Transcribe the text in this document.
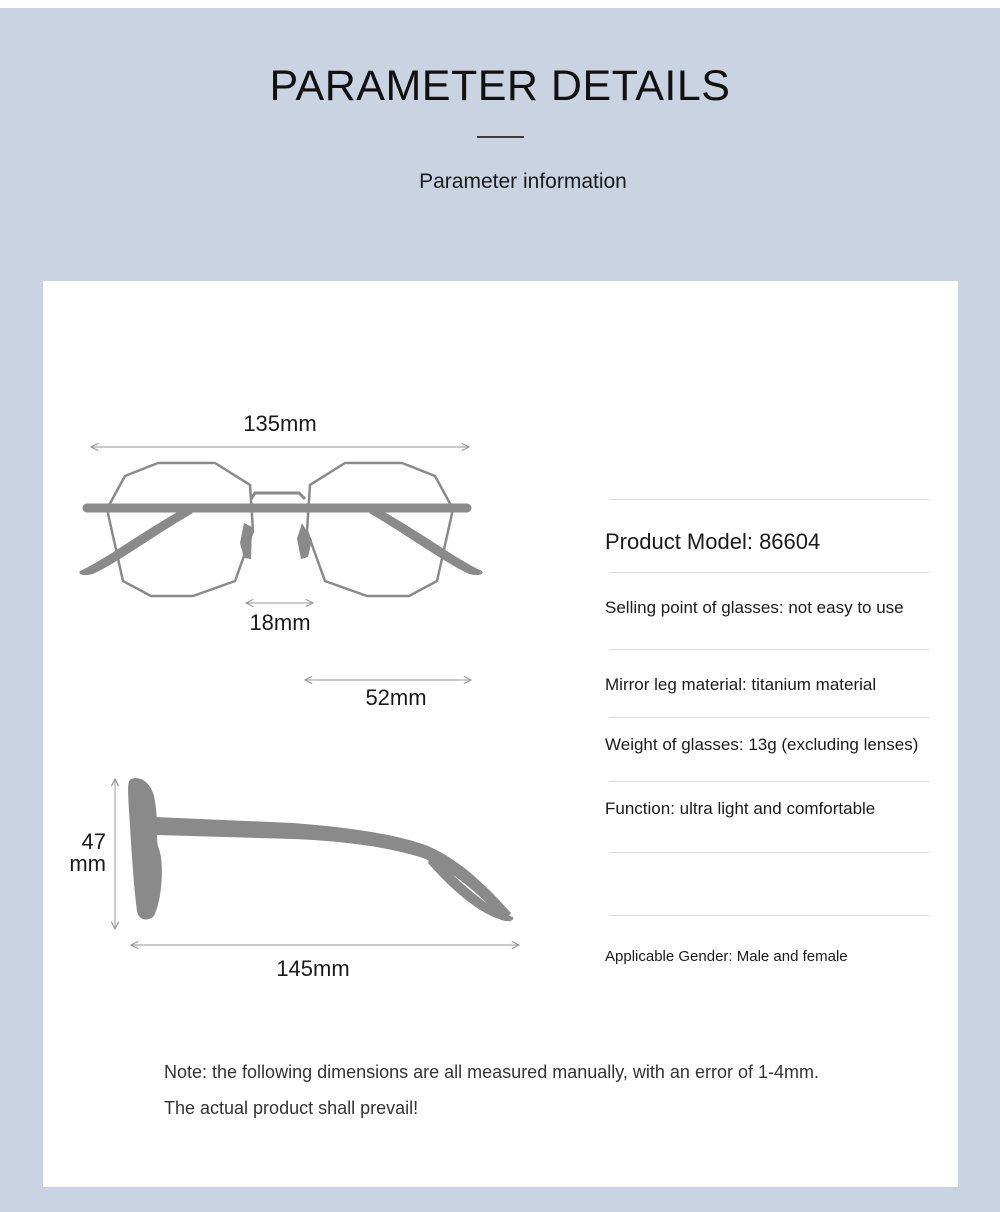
PARAMETER DETAILS

Parameter information

135mm
18mm
52mm
47
mm
145mm

Product Model: 86604

Selling point of glasses: not easy to use

Mirror leg material: titanium material

Weight of glasses: 13g (excluding lenses)

Function: ultra light and comfortable

Applicable Gender: Male and female

Note: the following dimensions are all measured manually, with an error of 1-4mm.

The actual product shall prevail!
